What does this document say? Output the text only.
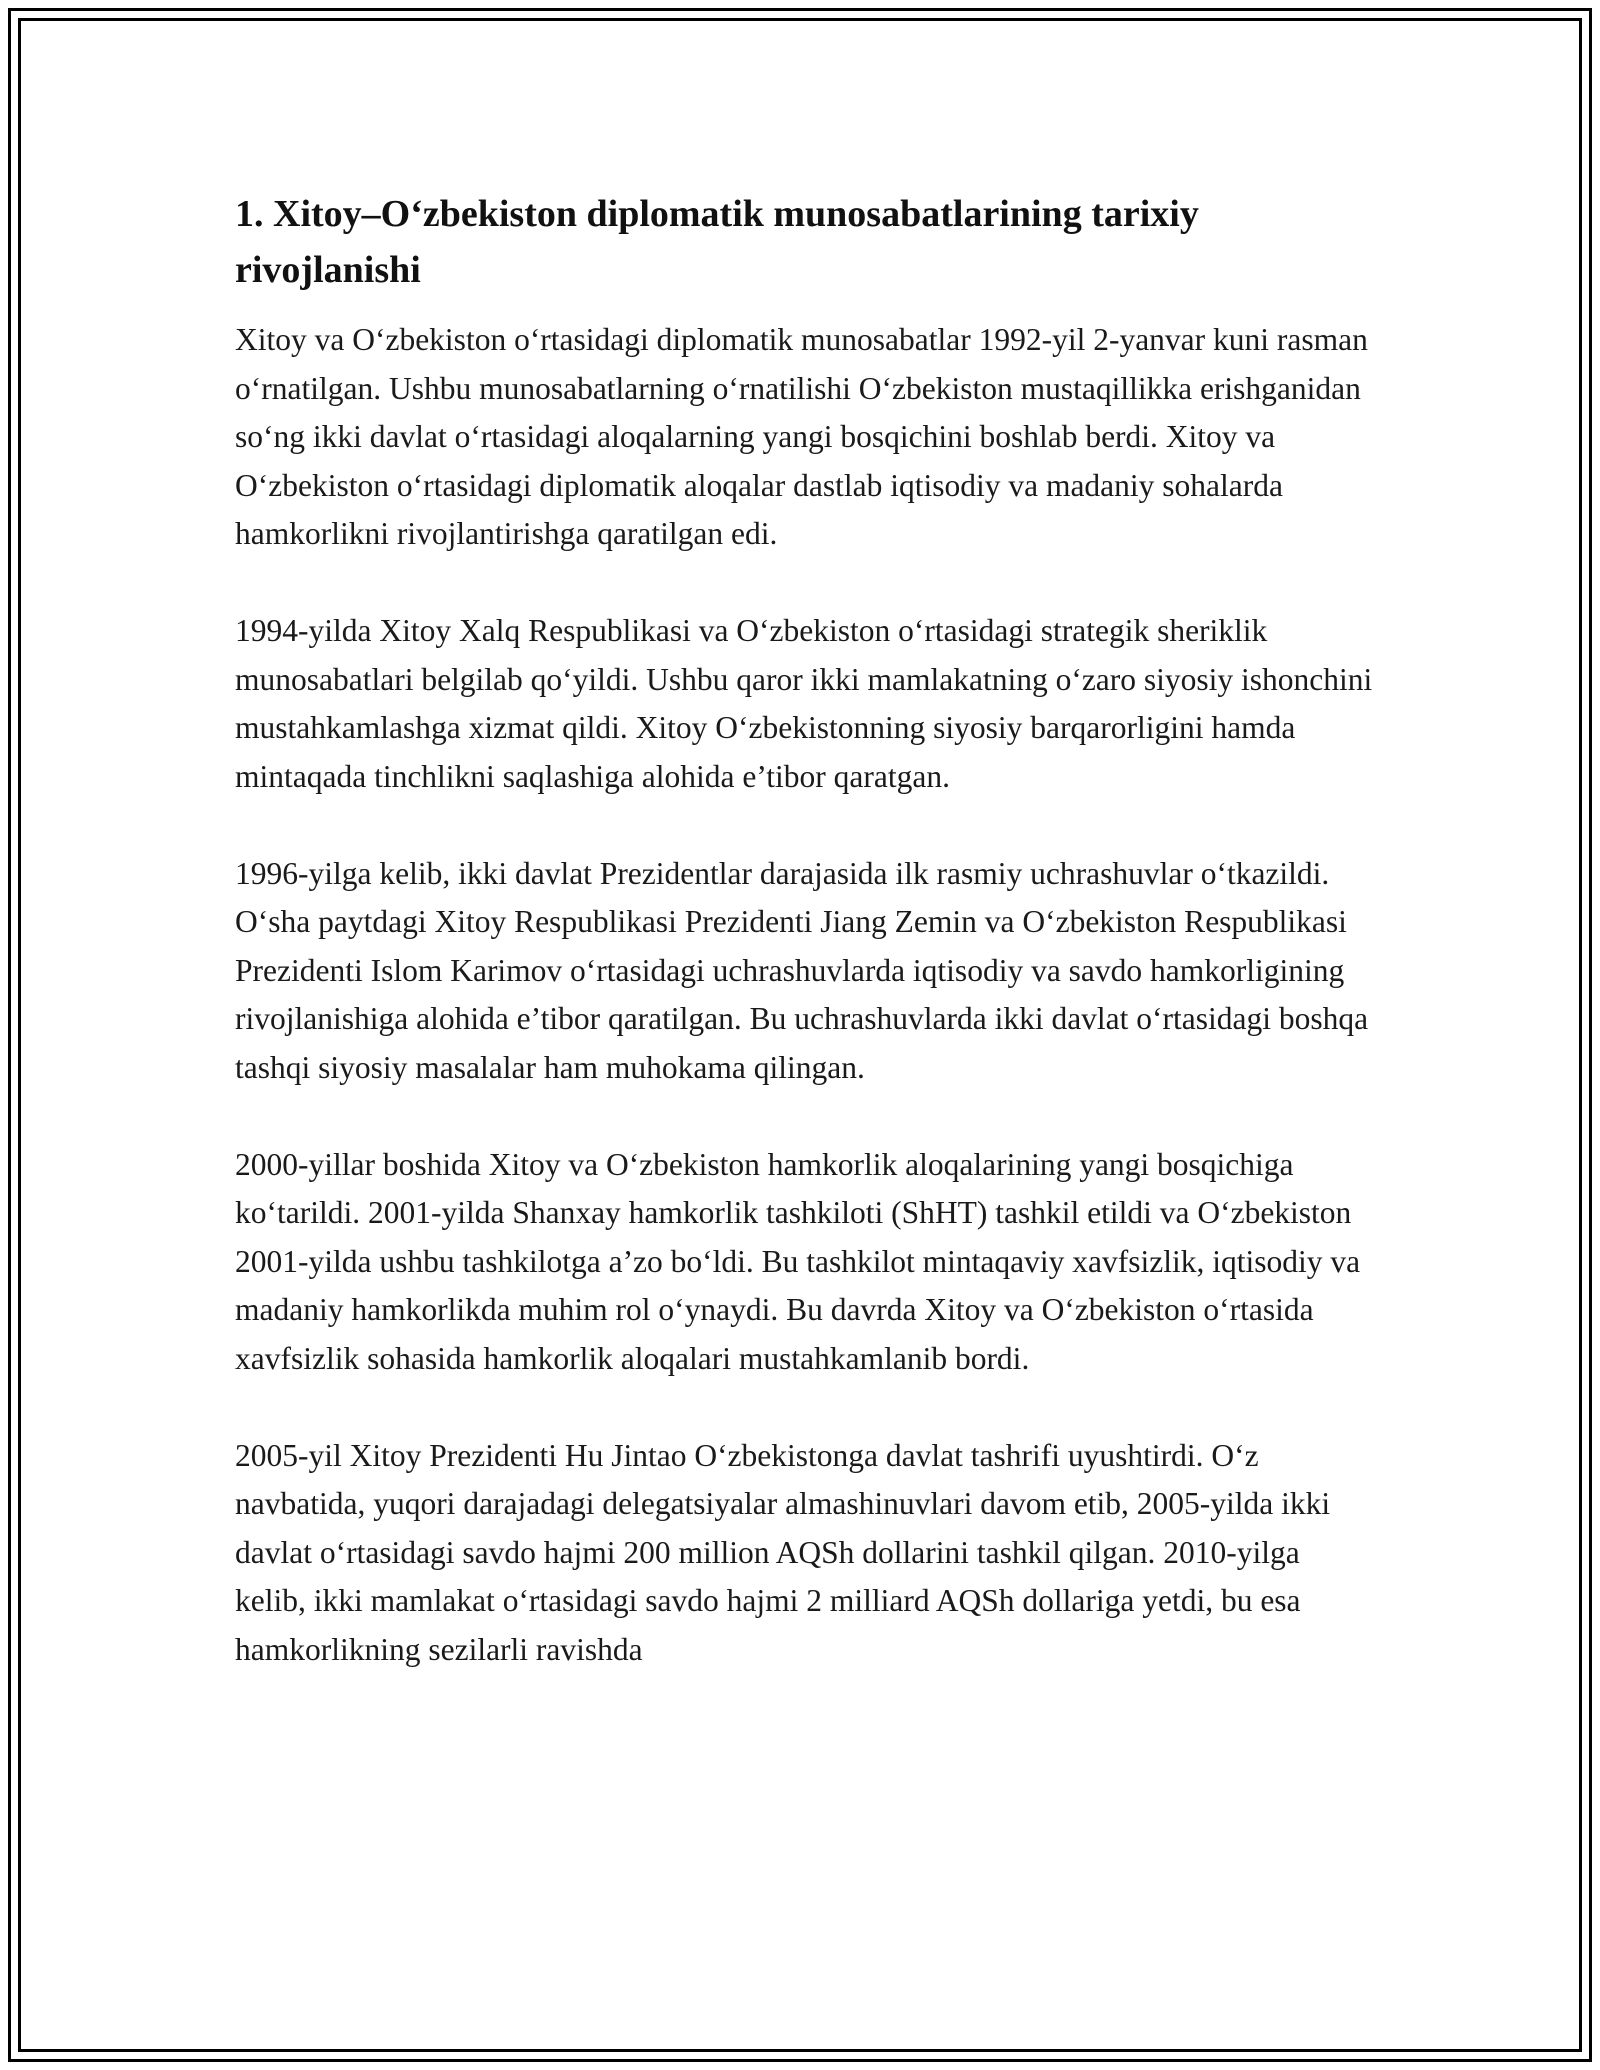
1. Xitoy–O‘zbekiston diplomatik munosabatlarining tarixiy rivojlanishi

Xitoy va O‘zbekiston o‘rtasidagi diplomatik munosabatlar 1992-yil 2-yanvar kuni rasman o‘rnatilgan. Ushbu munosabatlarning o‘rnatilishi O‘zbekiston mustaqillikka erishganidan so‘ng ikki davlat o‘rtasidagi aloqalarning yangi bosqichini boshlab berdi. Xitoy va O‘zbekiston o‘rtasidagi diplomatik aloqalar dastlab iqtisodiy va madaniy sohalarda hamkorlikni rivojlantirishga qaratilgan edi.

1994-yilda Xitoy Xalq Respublikasi va O‘zbekiston o‘rtasidagi strategik sheriklik munosabatlari belgilab qo‘yildi. Ushbu qaror ikki mamlakatning o‘zaro siyosiy ishonchini mustahkamlashga xizmat qildi. Xitoy O‘zbekistonning siyosiy barqarorligini hamda mintaqada tinchlikni saqlashiga alohida e’tibor qaratgan.

1996-yilga kelib, ikki davlat Prezidentlar darajasida ilk rasmiy uchrashuvlar o‘tkazildi. O‘sha paytdagi Xitoy Respublikasi Prezidenti Jiang Zemin va O‘zbekiston Respublikasi Prezidenti Islom Karimov o‘rtasidagi uchrashuvlarda iqtisodiy va savdo hamkorligining rivojlanishiga alohida e’tibor qaratilgan. Bu uchrashuvlarda ikki davlat o‘rtasidagi boshqa tashqi siyosiy masalalar ham muhokama qilingan.

2000-yillar boshida Xitoy va O‘zbekiston hamkorlik aloqalarining yangi bosqichiga ko‘tarildi. 2001-yilda Shanxay hamkorlik tashkiloti (ShHT) tashkil etildi va O‘zbekiston 2001-yilda ushbu tashkilotga a’zo bo‘ldi. Bu tashkilot mintaqaviy xavfsizlik, iqtisodiy va madaniy hamkorlikda muhim rol o‘ynaydi. Bu davrda Xitoy va O‘zbekiston o‘rtasida xavfsizlik sohasida hamkorlik aloqalari mustahkamlanib bordi.

2005-yil Xitoy Prezidenti Hu Jintao O‘zbekistonga davlat tashrifi uyushtirdi. O‘z navbatida, yuqori darajadagi delegatsiyalar almashinuvlari davom etib, 2005-yilda ikki davlat o‘rtasidagi savdo hajmi 200 million AQSh dollarini tashkil qilgan. 2010-yilga kelib, ikki mamlakat o‘rtasidagi savdo hajmi 2 milliard AQSh dollariga yetdi, bu esa hamkorlikning sezilarli ravishda
